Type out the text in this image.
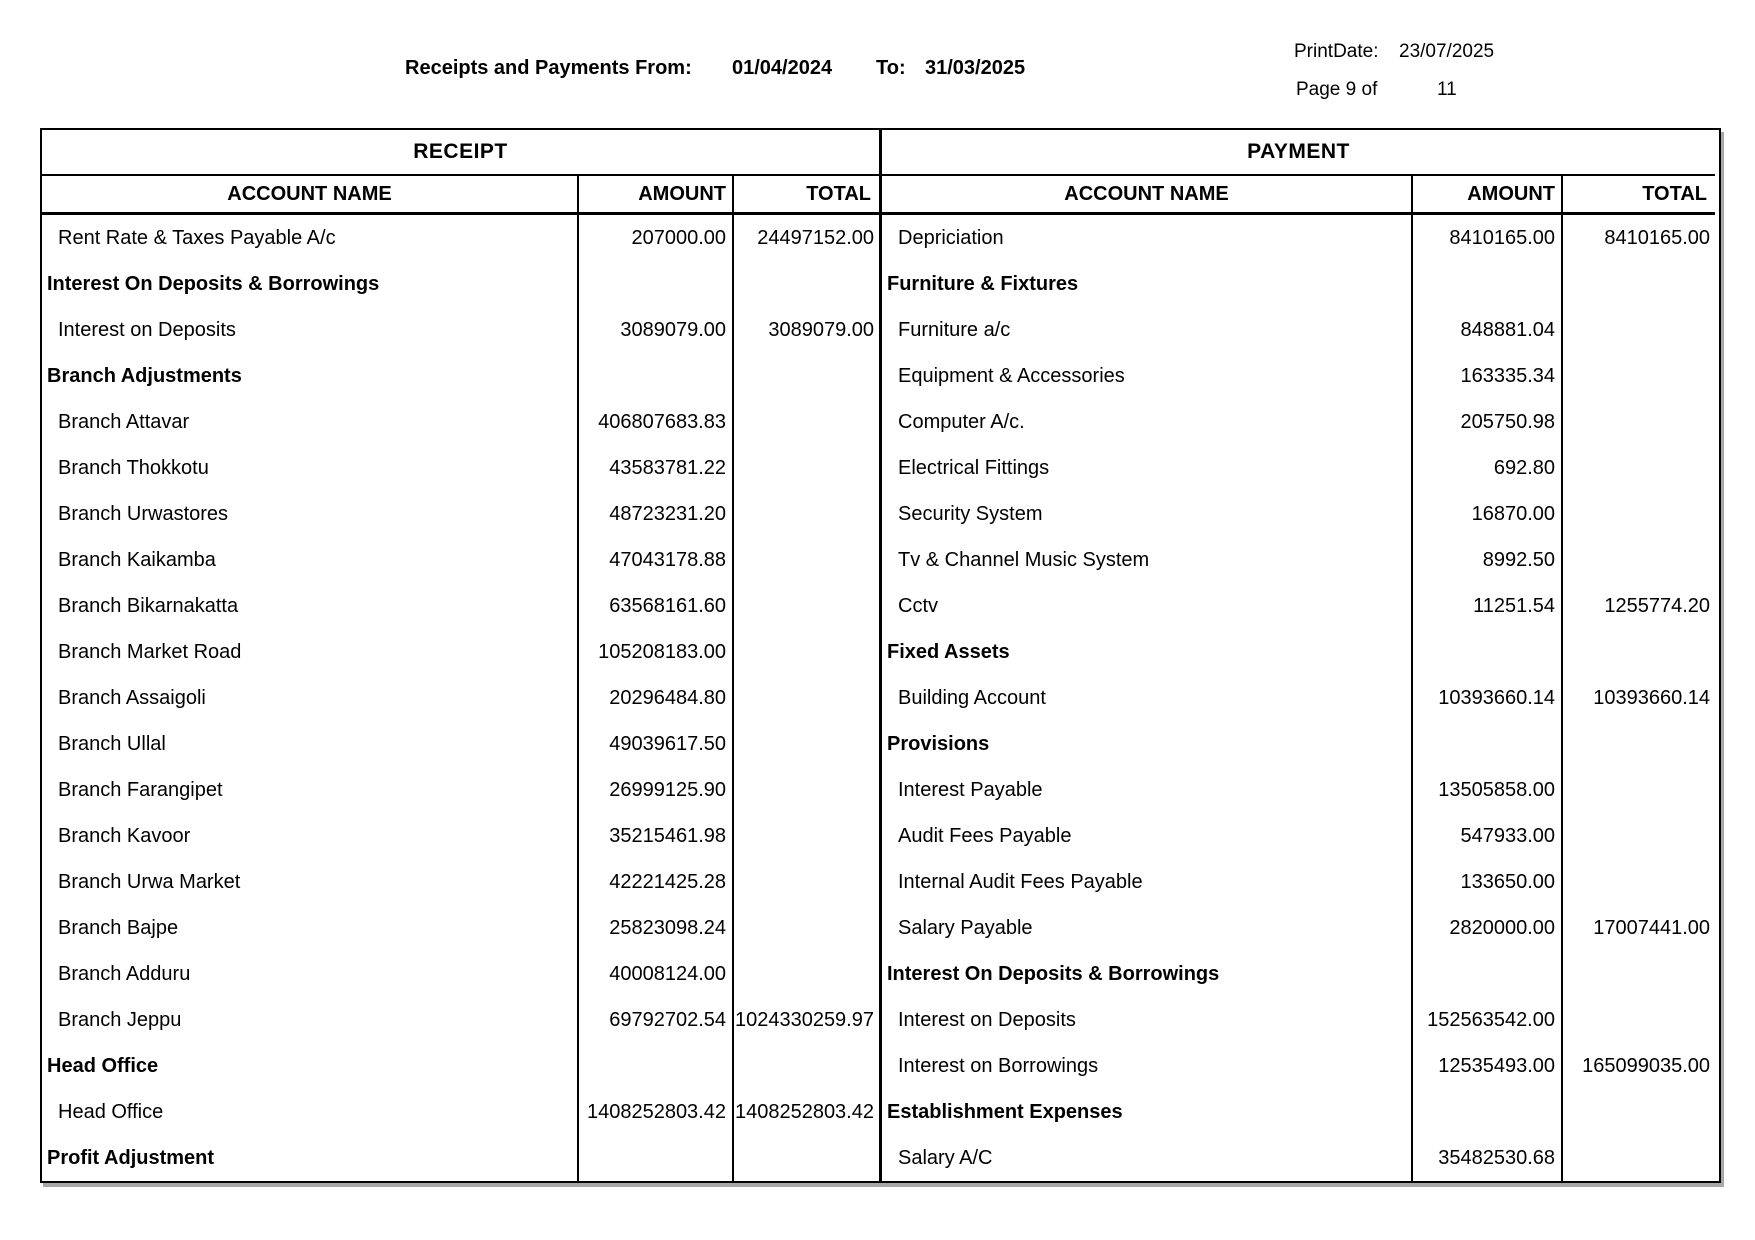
Receipts and Payments From: 01/04/2024 To: 31/03/2025
PrintDate: 23/07/2025
Page 9 of	11
RECEIPT
ACCOUNT NAME	AMOUNT	TOTAL
Rent Rate & Taxes Payable A/c	207000.00	24497152.00
Interest On Deposits & Borrowings
Interest on Deposits	3089079.00	3089079.00
Branch Adjustments
Branch Attavar	406807683.83
Branch Thokkotu	43583781.22
Branch Urwastores	48723231.20
Branch Kaikamba	47043178.88
Branch Bikarnakatta	63568161.60
Branch Market Road	105208183.00
Branch Assaigoli	20296484.80
Branch Ullal	49039617.50
Branch Farangipet	26999125.90
Branch Kavoor	35215461.98
Branch Urwa Market	42221425.28
Branch Bajpe	25823098.24
Branch Adduru	40008124.00
Branch Jeppu	69792702.54 1024330259.97
Head Office
Head Office	1408252803.42 1408252803.42
Profit Adjustment
PAYMENT
ACCOUNT NAME	AMOUNT	TOTAL
Depriciation	8410165.00	8410165.00
Furniture & Fixtures
Furniture a/c	848881.04
Equipment & Accessories	163335.34
Computer A/c.	205750.98
Electrical Fittings	692.80
Security System	16870.00
Tv & Channel Music System	8992.50
Cctv	11251.54	1255774.20
Fixed Assets
Building Account	10393660.14	10393660.14
Provisions
Interest Payable	13505858.00
Audit Fees Payable	547933.00
Internal Audit Fees Payable	133650.00
Salary Payable	2820000.00	17007441.00
Interest On Deposits & Borrowings
Interest on Deposits	152563542.00
Interest on Borrowings	12535493.00	165099035.00
Establishment Expenses
Salary A/C	35482530.68
